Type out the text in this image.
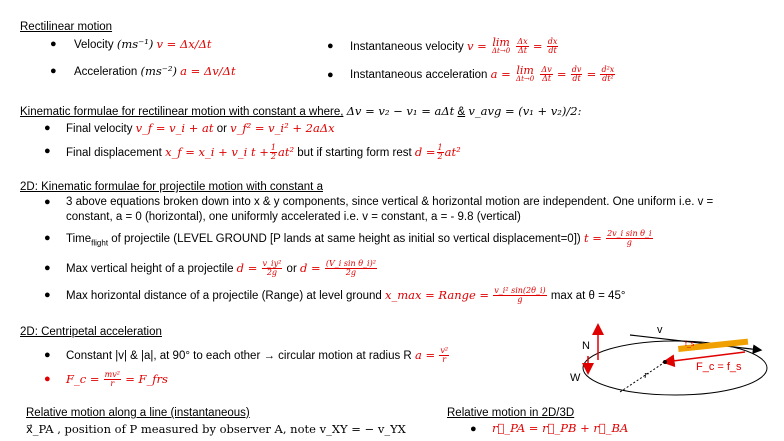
Rectilinear motion
● Velocity (ms⁻¹) v = Δx/Δt
● Acceleration (ms⁻²) a = Δv/Δt
● Instantaneous velocity v = lim
Δt→0
$\frac{\Delta x}{\Delta t} = \frac{dx}{dt}$
● Instantaneous acceleration a = lim
Δt→0
$\frac{\Delta v}{\Delta t} = \frac{dv}{dt} = \frac{\text{d²x}}{\text{dt²}}$
Kinematic formulae for rectilinear motion with constant a where, Δv = v₂ − v₁ = aΔt & v_avg = (v₁ + v₂)/2:
● Final velocity v_f = v_i + at or v_f² = v_i² + 2aΔx
● Final displacement x_f = x_i + v_i $t + \frac{1}{2} at^2$ but if starting form rest $d = \frac{1}{2} at^2$
2D: Kinematic formulae for projectile motion with constant a
● 3 above equations broken down into x & y components, since vertical & horizontal motion are independent. One uniform i.e. v =
constant, a = 0 (horizontal), one uniformly accelerated i.e. v = constant, a = - 9.8 (vertical)
● Time$_{flight}$ of projectile (LEVEL GROUND [P lands at same height as initial so vertical displacement=0]) $t = \frac{\text{2v\_i sin θ\_i}}{g}$
● Max vertical height of a projectile $d = \frac{\text{v\_iy²}}{2g}$ or $d = \frac{\text{(V\_i sin θ\_i)²}}{2g}$
● Max horizontal distance of a projectile (Range) at level ground x_max = Range = $\frac{\text{v\_i² sin(2θ\_i)}}{g}$ max at θ = 45°
2D: Centripetal acceleration
● Constant |v| & |a|, at 90° to each other → circular motion at radius R $a = \frac{\text{v²}}{r}$
● F_c = $\frac{\text{mv²}}{r}$ = F_frs
v
N
W
f_s
F_c = f_s
r
Relative motion along a line (instantaneous)
x⃗_PA , position of P measured by observer A, note v_XY = − v_YX
Relative motion in 2D/3D
● r⃗_PA = r⃗_PB + r⃗_BA
